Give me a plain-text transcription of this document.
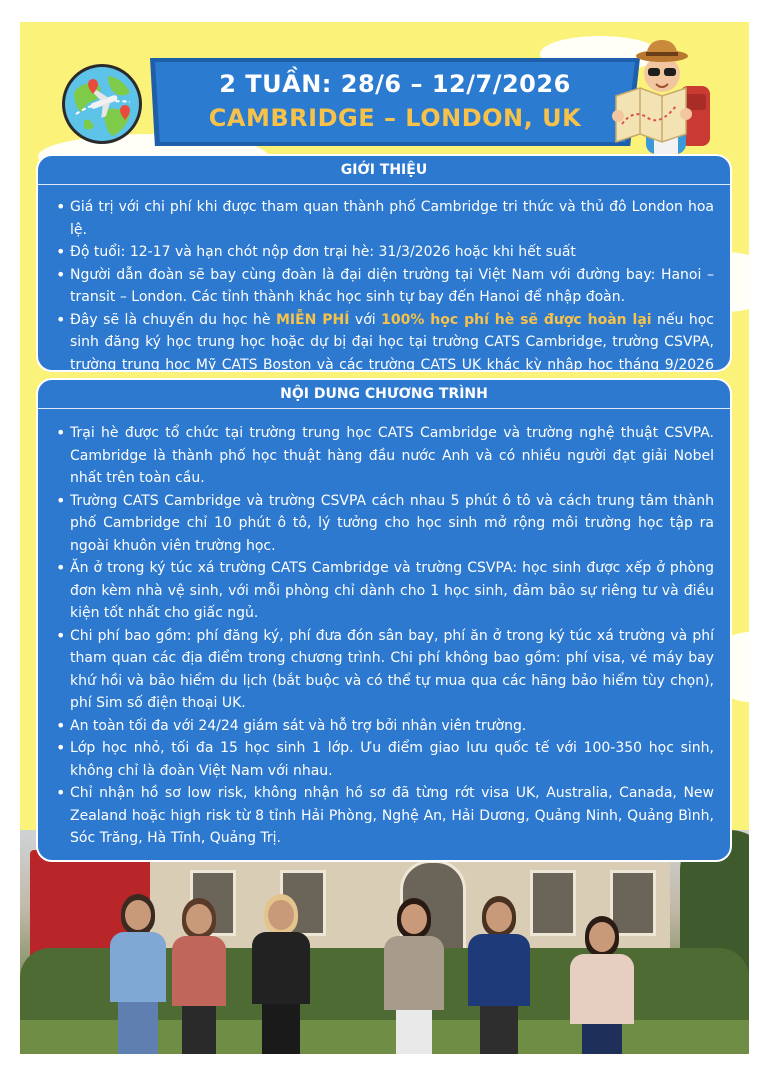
2 TUẦN: 28/6 – 12/7/2026
CAMBRIDGE – LONDON, UK
GIỚI THIỆU
• Giá trị với chi phí khi được tham quan thành phố Cambridge tri thức và thủ đô London hoa lệ.
• Độ tuổi: 12-17 và hạn chót nộp đơn trại hè: 31/3/2026 hoặc khi hết suất
• Người dẫn đoàn sẽ bay cùng đoàn là đại diện trường tại Việt Nam với đường bay: Hanoi – transit – London. Các tỉnh thành khác học sinh tự bay đến Hanoi để nhập đoàn.
• Đây sẽ là chuyến du học hè MIỄN PHÍ với 100% học phí hè sẽ được hoàn lại nếu học sinh đăng ký học trung học hoặc dự bị đại học tại trường CATS Cambridge, trường CSVPA, trường trung học Mỹ CATS Boston và các trường CATS UK khác kỳ nhập học tháng 9/2026
NỘI DUNG CHƯƠNG TRÌNH
• Trại hè được tổ chức tại trường trung học CATS Cambridge và trường nghệ thuật CSVPA. Cambridge là thành phố học thuật hàng đầu nước Anh và có nhiều người đạt giải Nobel nhất trên toàn cầu.
• Trường CATS Cambridge và trường CSVPA cách nhau 5 phút ô tô và cách trung tâm thành phố Cambridge chỉ 10 phút ô tô, lý tưởng cho học sinh mở rộng môi trường học tập ra ngoài khuôn viên trường học.
• Ăn ở trong ký túc xá trường CATS Cambridge và trường CSVPA: học sinh được xếp ở phòng đơn kèm nhà vệ sinh, với mỗi phòng chỉ dành cho 1 học sinh, đảm bảo sự riêng tư và điều kiện tốt nhất cho giấc ngủ.
• Chi phí bao gồm: phí đăng ký, phí đưa đón sân bay, phí ăn ở trong ký túc xá trường và phí tham quan các địa điểm trong chương trình. Chi phí không bao gồm: phí visa, vé máy bay khứ hồi và bảo hiểm du lịch (bắt buộc và có thể tự mua qua các hãng bảo hiểm tùy chọn), phí Sim số điện thoại UK.
• An toàn tối đa với 24/24 giám sát và hỗ trợ bởi nhân viên trường.
• Lớp học nhỏ, tối đa 15 học sinh 1 lớp. Ưu điểm giao lưu quốc tế với 100-350 học sinh, không chỉ là đoàn Việt Nam với nhau.
• Chỉ nhận hồ sơ low risk, không nhận hồ sơ đã từng rớt visa UK, Australia, Canada, New Zealand hoặc high risk từ 8 tỉnh Hải Phòng, Nghệ An, Hải Dương, Quảng Ninh, Quảng Bình, Sóc Trăng, Hà Tĩnh, Quảng Trị.
